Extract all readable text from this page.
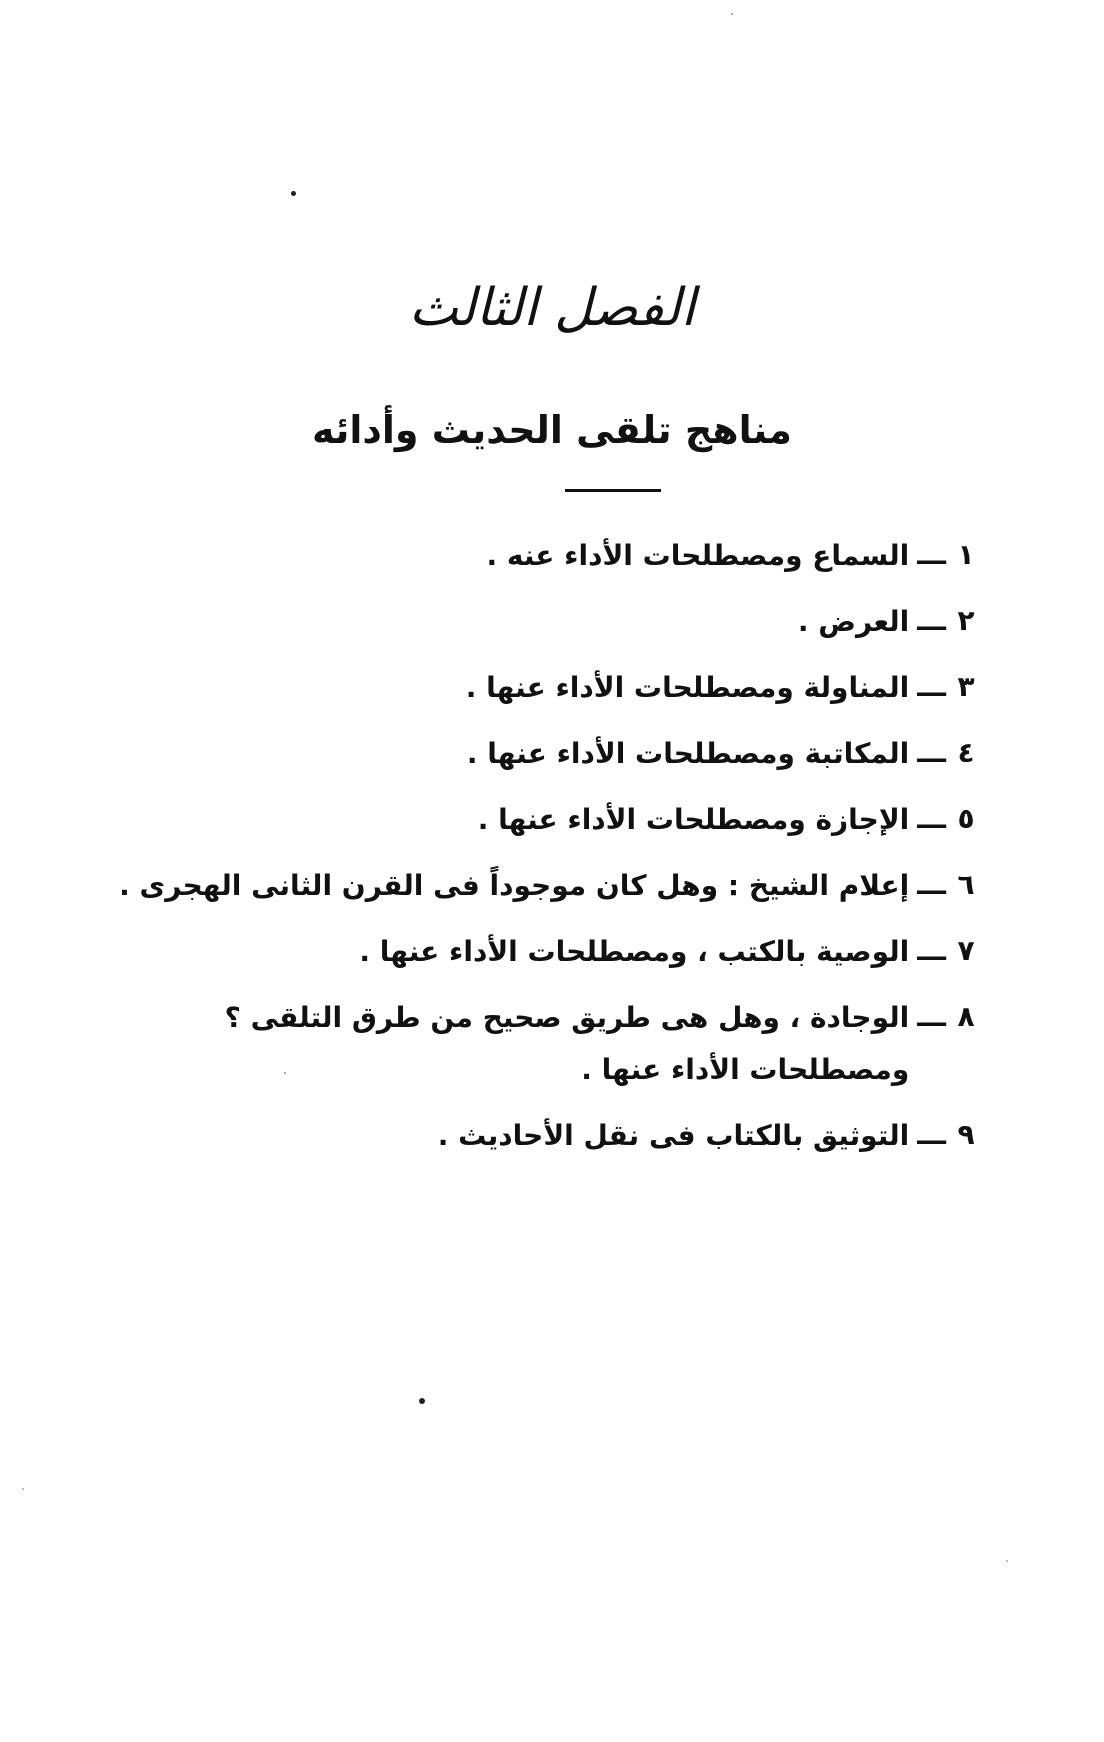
الفصل الثالث
مناهج تلقى الحديث وأدائه
١
ـــ
السماع ومصطلحات الأداء عنه .
٢
ـــ
العرض .
٣
ـــ
المناولة ومصطلحات الأداء عنها .
٤
ـــ
المكاتبة ومصطلحات الأداء عنها .
٥
ـــ
الإجازة ومصطلحات الأداء عنها .
٦
ـــ
إعلام الشيخ : وهل كان موجوداً فى القرن الثانى الهجرى .
٧
ـــ
الوصية بالكتب ، ومصطلحات الأداء عنها .
٨
ـــ
الوجادة ، وهل هى طريق صحيح من طرق التلقى ؟
ومصطلحات الأداء عنها .
٩
ـــ
التوثيق بالكتاب فى نقل الأحاديث .
